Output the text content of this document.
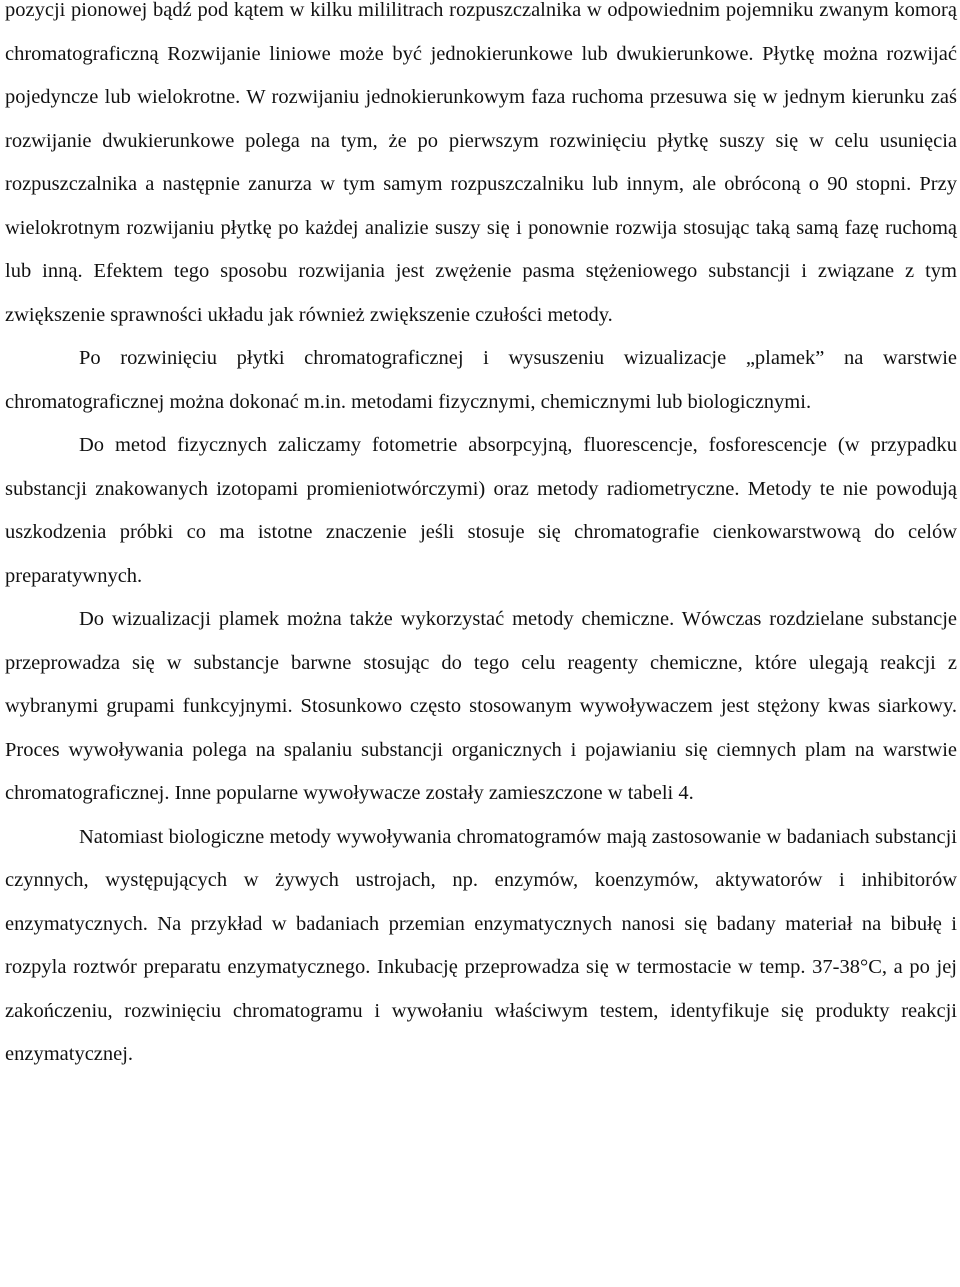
pozycji pionowej bądź pod kątem w kilku mililitrach rozpuszczalnika w odpowiednim pojemniku zwanym komorą chromatograficzną Rozwijanie liniowe może być jednokierunkowe lub dwukierunkowe. Płytkę można rozwijać pojedyncze lub wielokrotne. W rozwijaniu jednokierunkowym faza ruchoma przesuwa się w jednym kierunku zaś rozwijanie dwukierunkowe polega na tym, że po pierwszym rozwinięciu płytkę suszy się w celu usunięcia rozpuszczalnika a następnie zanurza w tym samym rozpuszczalniku lub innym, ale obróconą o 90 stopni. Przy wielokrotnym rozwijaniu płytkę po każdej analizie suszy się i ponownie rozwija stosując taką samą fazę ruchomą lub inną. Efektem tego sposobu rozwijania jest zwężenie pasma stężeniowego substancji i związane z tym zwiększenie sprawności układu jak również zwiększenie czułości metody.

Po rozwinięciu płytki chromatograficznej i wysuszeniu wizualizacje „plamek” na warstwie chromatograficznej można dokonać m.in. metodami fizycznymi, chemicznymi lub biologicznymi.

Do metod fizycznych zaliczamy fotometrie absorpcyjną, fluorescencje, fosforescencje (w przypadku substancji znakowanych izotopami promieniotwórczymi) oraz metody radiometryczne. Metody te nie powodują uszkodzenia próbki co ma istotne znaczenie jeśli stosuje się chromatografie cienkowarstwową do celów preparatywnych.

Do wizualizacji plamek można także wykorzystać metody chemiczne. Wówczas rozdzielane substancje przeprowadza się w substancje barwne stosując do tego celu reagenty chemiczne, które ulegają reakcji z wybranymi grupami funkcyjnymi. Stosunkowo często stosowanym wywoływaczem jest stężony kwas siarkowy. Proces wywoływania polega na spalaniu substancji organicznych i pojawianiu się ciemnych plam na warstwie chromatograficznej. Inne popularne wywoływacze zostały zamieszczone w tabeli 4.

Natomiast biologiczne metody wywoływania chromatogramów mają zastosowanie w badaniach substancji czynnych, występujących w żywych ustrojach, np. enzymów, koenzymów, aktywatorów i inhibitorów enzymatycznych. Na przykład w badaniach przemian enzymatycznych nanosi się badany materiał na bibułę i rozpyla roztwór preparatu enzymatycznego. Inkubację przeprowadza się w termostacie w temp. 37-38°C, a po jej zakończeniu, rozwinięciu chromatogramu i wywołaniu właściwym testem, identyfikuje się produkty reakcji enzymatycznej.
